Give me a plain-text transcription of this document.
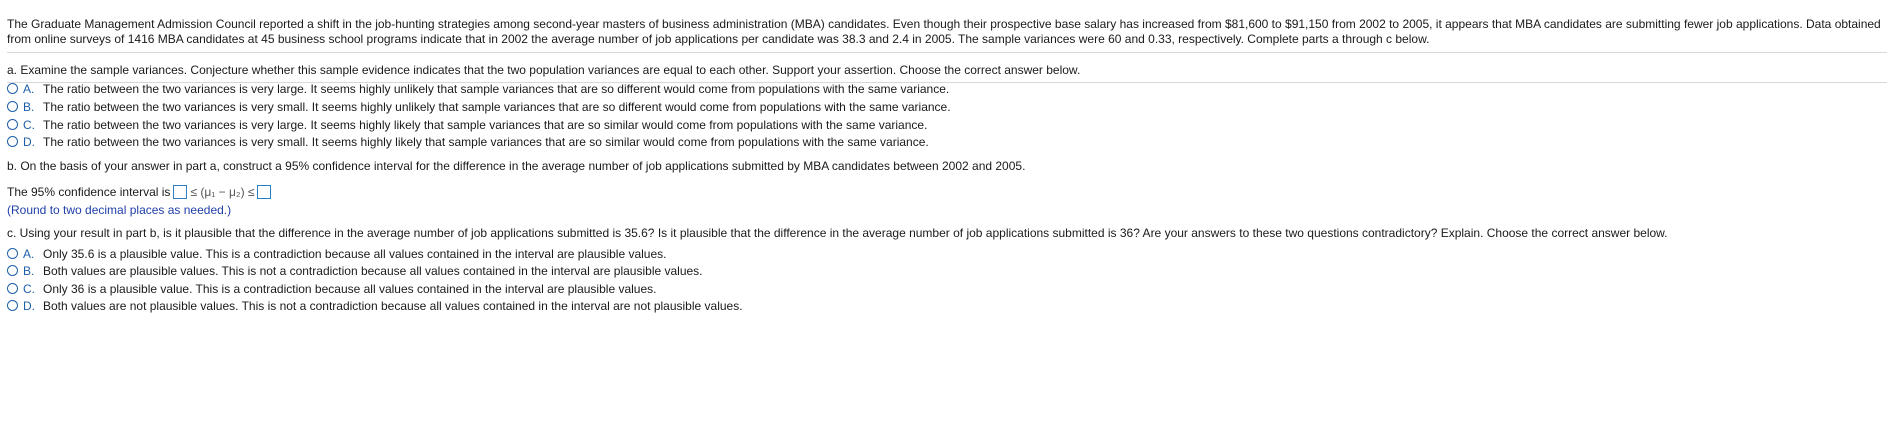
The Graduate Management Admission Council reported a shift in the job-hunting strategies among second-year masters of business administration (MBA) candidates. Even though their prospective base salary has increased from $81,600 to $91,150 from 2002 to 2005, it appears that MBA candidates are submitting fewer job applications. Data obtained from online surveys of 1416 MBA candidates at 45 business school programs indicate that in 2002 the average number of job applications per candidate was 38.3 and 2.4 in 2005. The sample variances were 60 and 0.33, respectively. Complete parts a through c below.
a. Examine the sample variances. Conjecture whether this sample evidence indicates that the two population variances are equal to each other. Support your assertion. Choose the correct answer below.
A. The ratio between the two variances is very large. It seems highly unlikely that sample variances that are so different would come from populations with the same variance.
B. The ratio between the two variances is very small. It seems highly unlikely that sample variances that are so different would come from populations with the same variance.
C. The ratio between the two variances is very large. It seems highly likely that sample variances that are so similar would come from populations with the same variance.
D. The ratio between the two variances is very small. It seems highly likely that sample variances that are so similar would come from populations with the same variance.
b. On the basis of your answer in part a, construct a 95% confidence interval for the difference in the average number of job applications submitted by MBA candidates between 2002 and 2005.
The 95% confidence interval is ≤ (μ₁ − μ₂) ≤
(Round to two decimal places as needed.)
c. Using your result in part b, is it plausible that the difference in the average number of job applications submitted is 35.6? Is it plausible that the difference in the average number of job applications submitted is 36? Are your answers to these two questions contradictory? Explain. Choose the correct answer below.
A. Only 35.6 is a plausible value. This is a contradiction because all values contained in the interval are plausible values.
B. Both values are plausible values. This is not a contradiction because all values contained in the interval are plausible values.
C. Only 36 is a plausible value. This is a contradiction because all values contained in the interval are plausible values.
D. Both values are not plausible values. This is not a contradiction because all values contained in the interval are not plausible values.
